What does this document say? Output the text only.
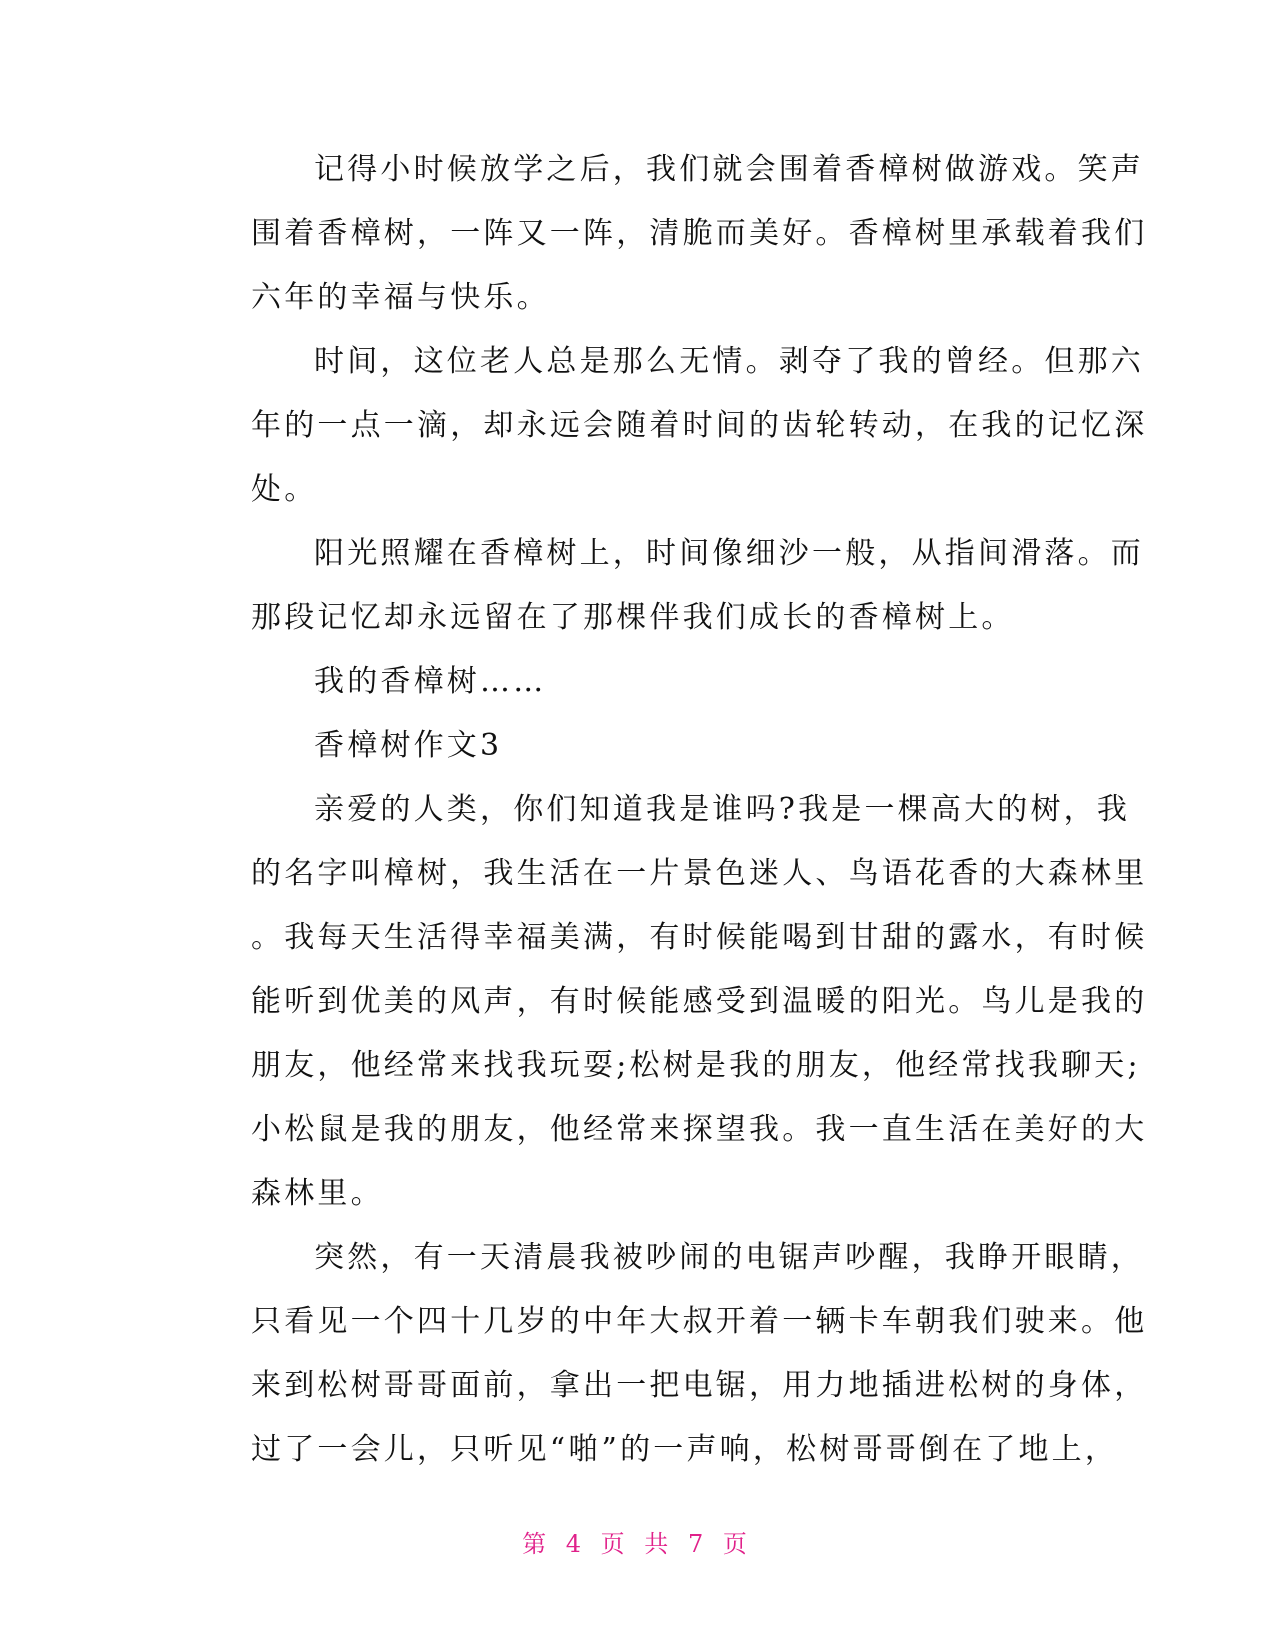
记得小时候放学之后，我们就会围着香樟树做游戏。笑声
围着香樟树，一阵又一阵，清脆而美好。香樟树里承载着我们
六年的幸福与快乐。
时间，这位老人总是那么无情。剥夺了我的曾经。但那六
年的一点一滴，却永远会随着时间的齿轮转动，在我的记忆深
处。
阳光照耀在香樟树上，时间像细沙一般，从指间滑落。而
那段记忆却永远留在了那棵伴我们成长的香樟树上。
我的香樟树……
香樟树作文3
亲爱的人类，你们知道我是谁吗?我是一棵高大的树，我
的名字叫樟树，我生活在一片景色迷人、鸟语花香的大森林里
。我每天生活得幸福美满，有时候能喝到甘甜的露水，有时候
能听到优美的风声，有时候能感受到温暖的阳光。鸟儿是我的
朋友，他经常来找我玩耍;松树是我的朋友，他经常找我聊天;
小松鼠是我的朋友，他经常来探望我。我一直生活在美好的大
森林里。
突然，有一天清晨我被吵闹的电锯声吵醒，我睁开眼睛，
只看见一个四十几岁的中年大叔开着一辆卡车朝我们驶来。他
来到松树哥哥面前，拿出一把电锯，用力地插进松树的身体，
过了一会儿，只听见“啪”的一声响，松树哥哥倒在了地上，
第 4 页 共 7 页
